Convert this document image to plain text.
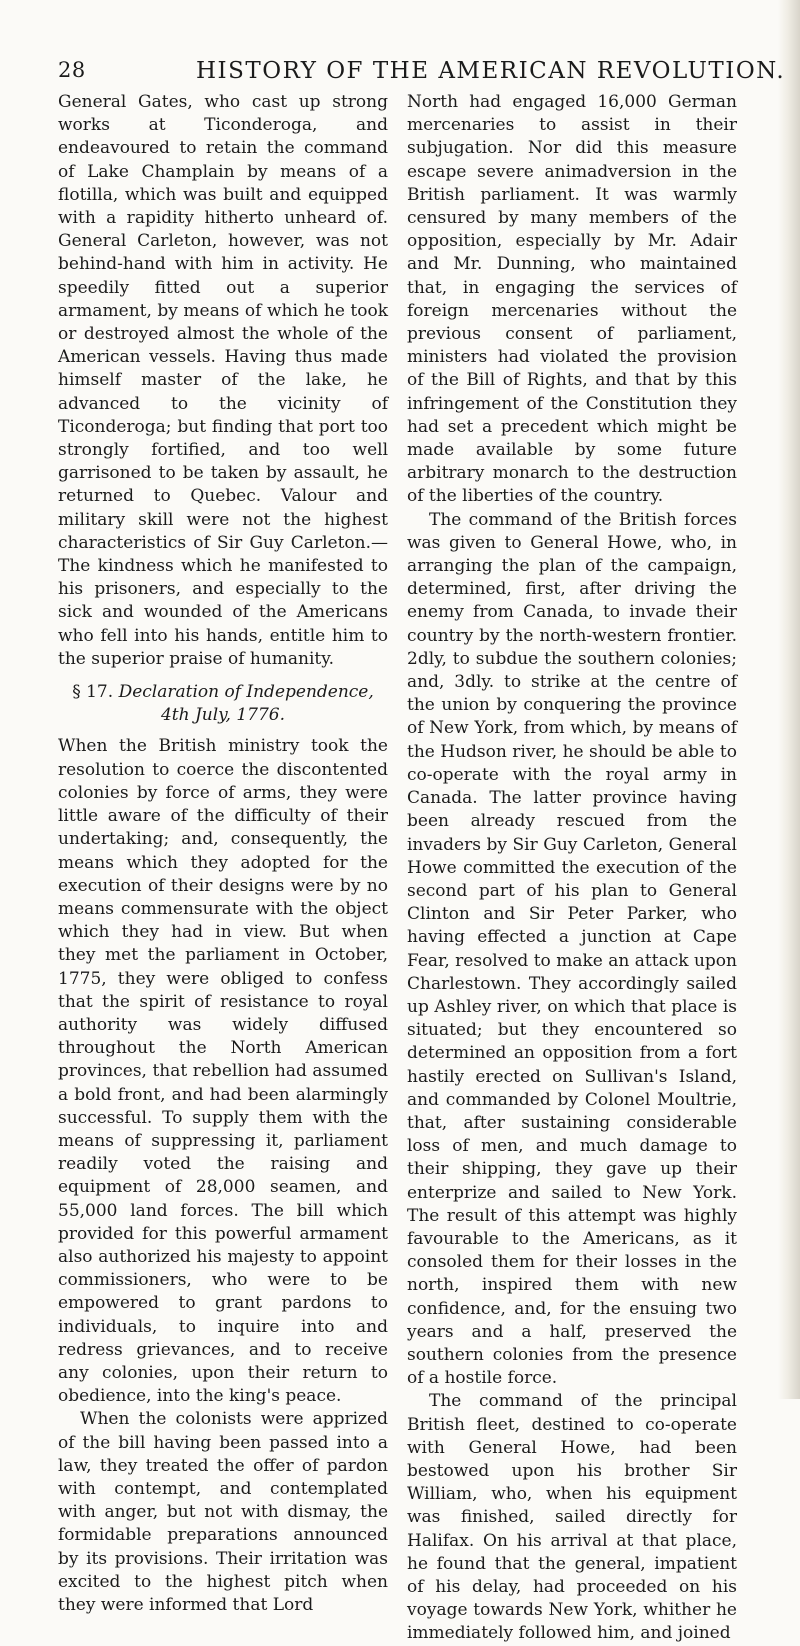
28	HISTORY OF THE AMERICAN REVOLUTION.

General Gates, who cast up strong works at Ticonderoga, and endeavoured to retain the command of Lake Champlain by means of a flotilla, which was built and equipped with a rapidity hitherto unheard of. General Carleton, however, was not behind-hand with him in activity. He speedily fitted out a superior armament, by means of which he took or destroyed almost the whole of the American vessels. Having thus made himself master of the lake, he advanced to the vicinity of Ticonderoga; but finding that port too strongly fortified, and too well garrisoned to be taken by assault, he returned to Quebec. Valour and military skill were not the highest characteristics of Sir Guy Carleton.—The kindness which he manifested to his prisoners, and especially to the sick and wounded of the Americans who fell into his hands, entitle him to the superior praise of humanity.

§ 17. Declaration of Independence, 4th July, 1776.

When the British ministry took the resolution to coerce the discontented colonies by force of arms, they were little aware of the difficulty of their undertaking; and, consequently, the means which they adopted for the execution of their designs were by no means commensurate with the object which they had in view. But when they met the parliament in October, 1775, they were obliged to confess that the spirit of resistance to royal authority was widely diffused throughout the North American provinces, that rebellion had assumed a bold front, and had been alarmingly successful. To supply them with the means of suppressing it, parliament readily voted the raising and equipment of 28,000 seamen, and 55,000 land forces. The bill which provided for this powerful armament also authorized his majesty to appoint commissioners, who were to be empowered to grant pardons to individuals, to inquire into and redress grievances, and to receive any colonies, upon their return to obedience, into the king's peace.

When the colonists were apprized of the bill having been passed into a law, they treated the offer of pardon with contempt, and contemplated with anger, but not with dismay, the formidable preparations announced by its provisions. Their irritation was excited to the highest pitch when they were informed that Lord

North had engaged 16,000 German mercenaries to assist in their subjugation. Nor did this measure escape severe animadversion in the British parliament. It was warmly censured by many members of the opposition, especially by Mr. Adair and Mr. Dunning, who maintained that, in engaging the services of foreign mercenaries without the previous consent of parliament, ministers had violated the provision of the Bill of Rights, and that by this infringement of the Constitution they had set a precedent which might be made available by some future arbitrary monarch to the destruction of the liberties of the country.

The command of the British forces was given to General Howe, who, in arranging the plan of the campaign, determined, first, after driving the enemy from Canada, to invade their country by the north-western frontier. 2dly, to subdue the southern colonies; and, 3dly. to strike at the centre of the union by conquering the province of New York, from which, by means of the Hudson river, he should be able to co-operate with the royal army in Canada. The latter province having been already rescued from the invaders by Sir Guy Carleton, General Howe committed the execution of the second part of his plan to General Clinton and Sir Peter Parker, who having effected a junction at Cape Fear, resolved to make an attack upon Charlestown. They accordingly sailed up Ashley river, on which that place is situated; but they encountered so determined an opposition from a fort hastily erected on Sullivan's Island, and commanded by Colonel Moultrie, that, after sustaining considerable loss of men, and much damage to their shipping, they gave up their enterprize and sailed to New York. The result of this attempt was highly favourable to the Americans, as it consoled them for their losses in the north, inspired them with new confidence, and, for the ensuing two years and a half, preserved the southern colonies from the presence of a hostile force.

The command of the principal British fleet, destined to co-operate with General Howe, had been bestowed upon his brother Sir William, who, when his equipment was finished, sailed directly for Halifax. On his arrival at that place, he found that the general, impatient of his delay, had proceeded on his voyage towards New York, whither he immediately followed him, and joined
